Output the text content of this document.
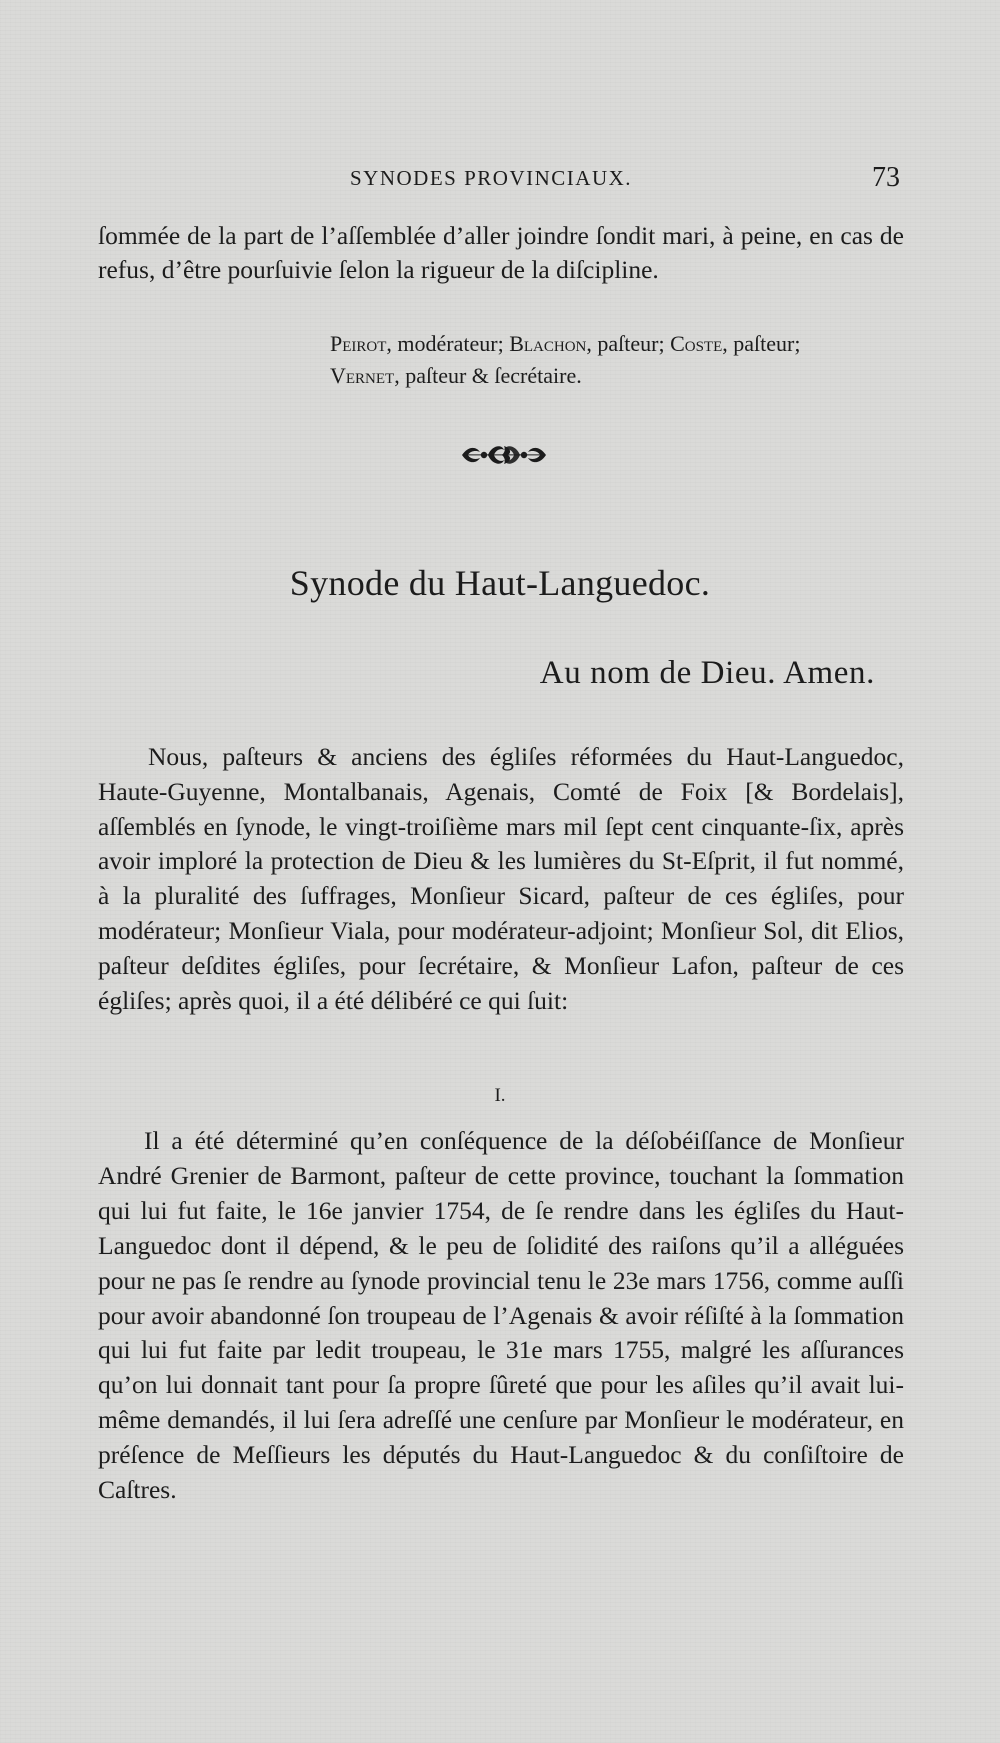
SYNODES PROVINCIAUX.	73
ſommée de la part de l’aſſemblée d’aller joindre ſondit mari, à peine, en cas de refus, d’être pourſuivie ſelon la rigueur de la diſcipline.
Peirot, modérateur; Blachon, paſteur; Coste, paſteur;
Vernet, paſteur & ſecrétaire.
Synode du Haut-Languedoc.
Au nom de Dieu. Amen.
Nous, paſteurs & anciens des égliſes réformées du Haut-Languedoc, Haute-Guyenne, Montalbanais, Agenais, Comté de Foix [& Bordelais], aſſemblés en ſynode, le vingt-troiſième mars mil ſept cent cinquante-ſix, après avoir imploré la protection de Dieu & les lumières du St-Eſprit, il fut nommé, à la pluralité des ſuffrages, Monſieur Sicard, paſteur de ces égliſes, pour modérateur; Monſieur Viala, pour modérateur-adjoint; Monſieur Sol, dit Elios, paſteur deſdites égliſes, pour ſecrétaire, & Monſieur Lafon, paſteur de ces égliſes; après quoi, il a été délibéré ce qui ſuit:
I.
Il a été déterminé qu’en conſéquence de la déſobéiſſance de Monſieur André Grenier de Barmont, paſteur de cette province, touchant la ſommation qui lui fut faite, le 16e janvier 1754, de ſe rendre dans les égliſes du Haut-Languedoc dont il dépend, & le peu de ſolidité des raiſons qu’il a alléguées pour ne pas ſe rendre au ſynode provincial tenu le 23e mars 1756, comme auſſi pour avoir abandonné ſon troupeau de l’Agenais & avoir réſiſté à la ſommation qui lui fut faite par ledit troupeau, le 31e mars 1755, malgré les aſſurances qu’on lui donnait tant pour ſa propre ſûreté que pour les aſiles qu’il avait lui-même demandés, il lui ſera adreſſé une cenſure par Monſieur le modérateur, en préſence de Meſſieurs les députés du Haut-Languedoc & du conſiſtoire de Caſtres.
